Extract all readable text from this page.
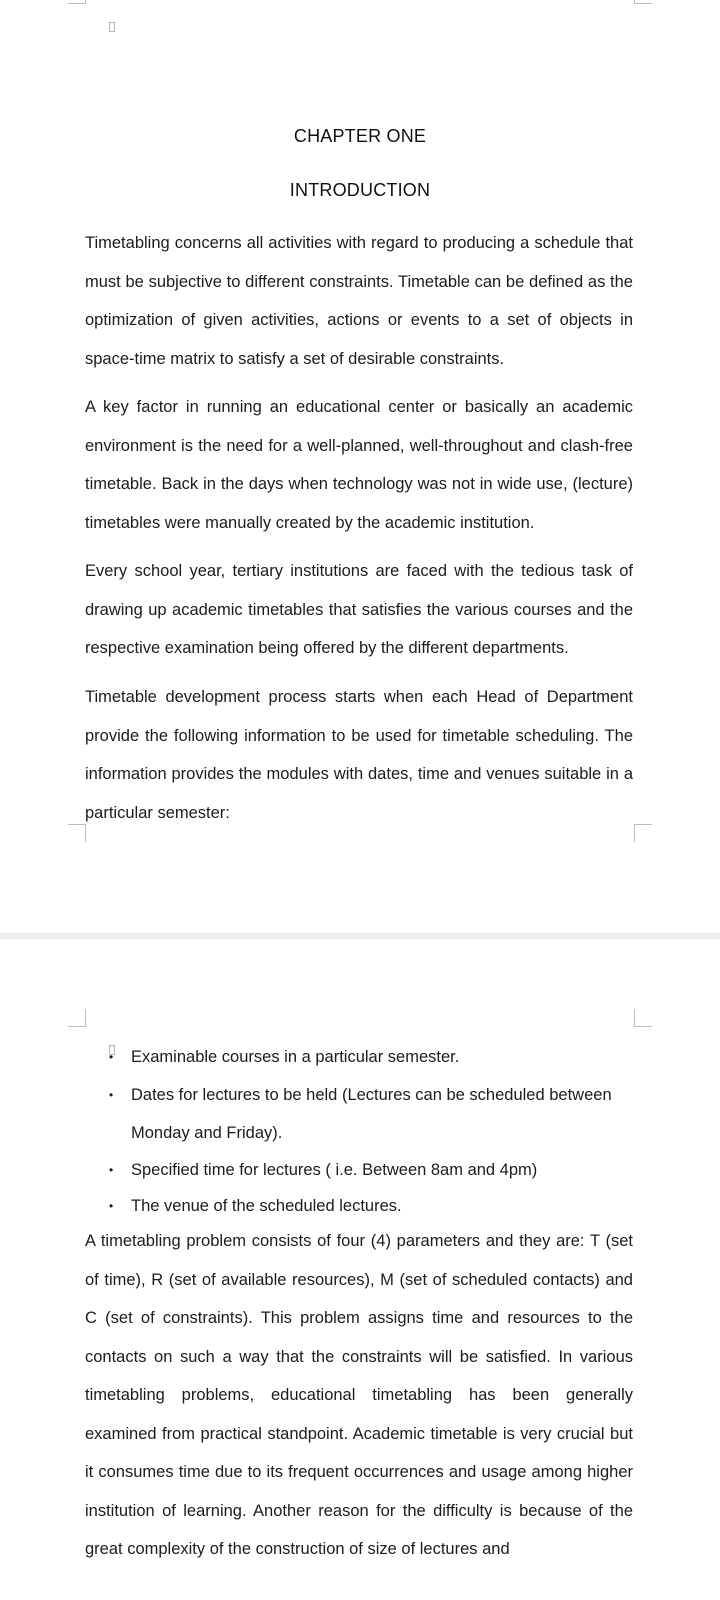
CHAPTER ONE
INTRODUCTION

Timetabling concerns all activities with regard to producing a schedule that must be subjective to different constraints. Timetable can be defined as the optimization of given activities, actions or events to a set of objects in space-time matrix to satisfy a set of desirable constraints.

A key factor in running an educational center or basically an academic environment is the need for a well-planned, well-throughout and clash-free timetable. Back in the days when technology was not in wide use, (lecture) timetables were manually created by the academic institution.

Every school year, tertiary institutions are faced with the tedious task of drawing up academic timetables that satisfies the various courses and the respective examination being offered by the different departments.

Timetable development process starts when each Head of Department provide the following information to be used for timetable scheduling. The information provides the modules with dates, time and venues suitable in a particular semester:

• Examinable courses in a particular semester.
• Dates for lectures to be held (Lectures can be scheduled between Monday and Friday).
• Specified time for lectures ( i.e. Between 8am and 4pm)
• The venue of the scheduled lectures.

A timetabling problem consists of four (4) parameters and they are: T (set of time), R (set of available resources), M (set of scheduled contacts) and C (set of constraints). This problem assigns time and resources to the contacts on such a way that the constraints will be satisfied. In various timetabling problems, educational timetabling has been generally examined from practical standpoint. Academic timetable is very crucial but it consumes time due to its frequent occurrences and usage among higher institution of learning. Another reason for the difficulty is because of the great complexity of the construction of size of lectures and
